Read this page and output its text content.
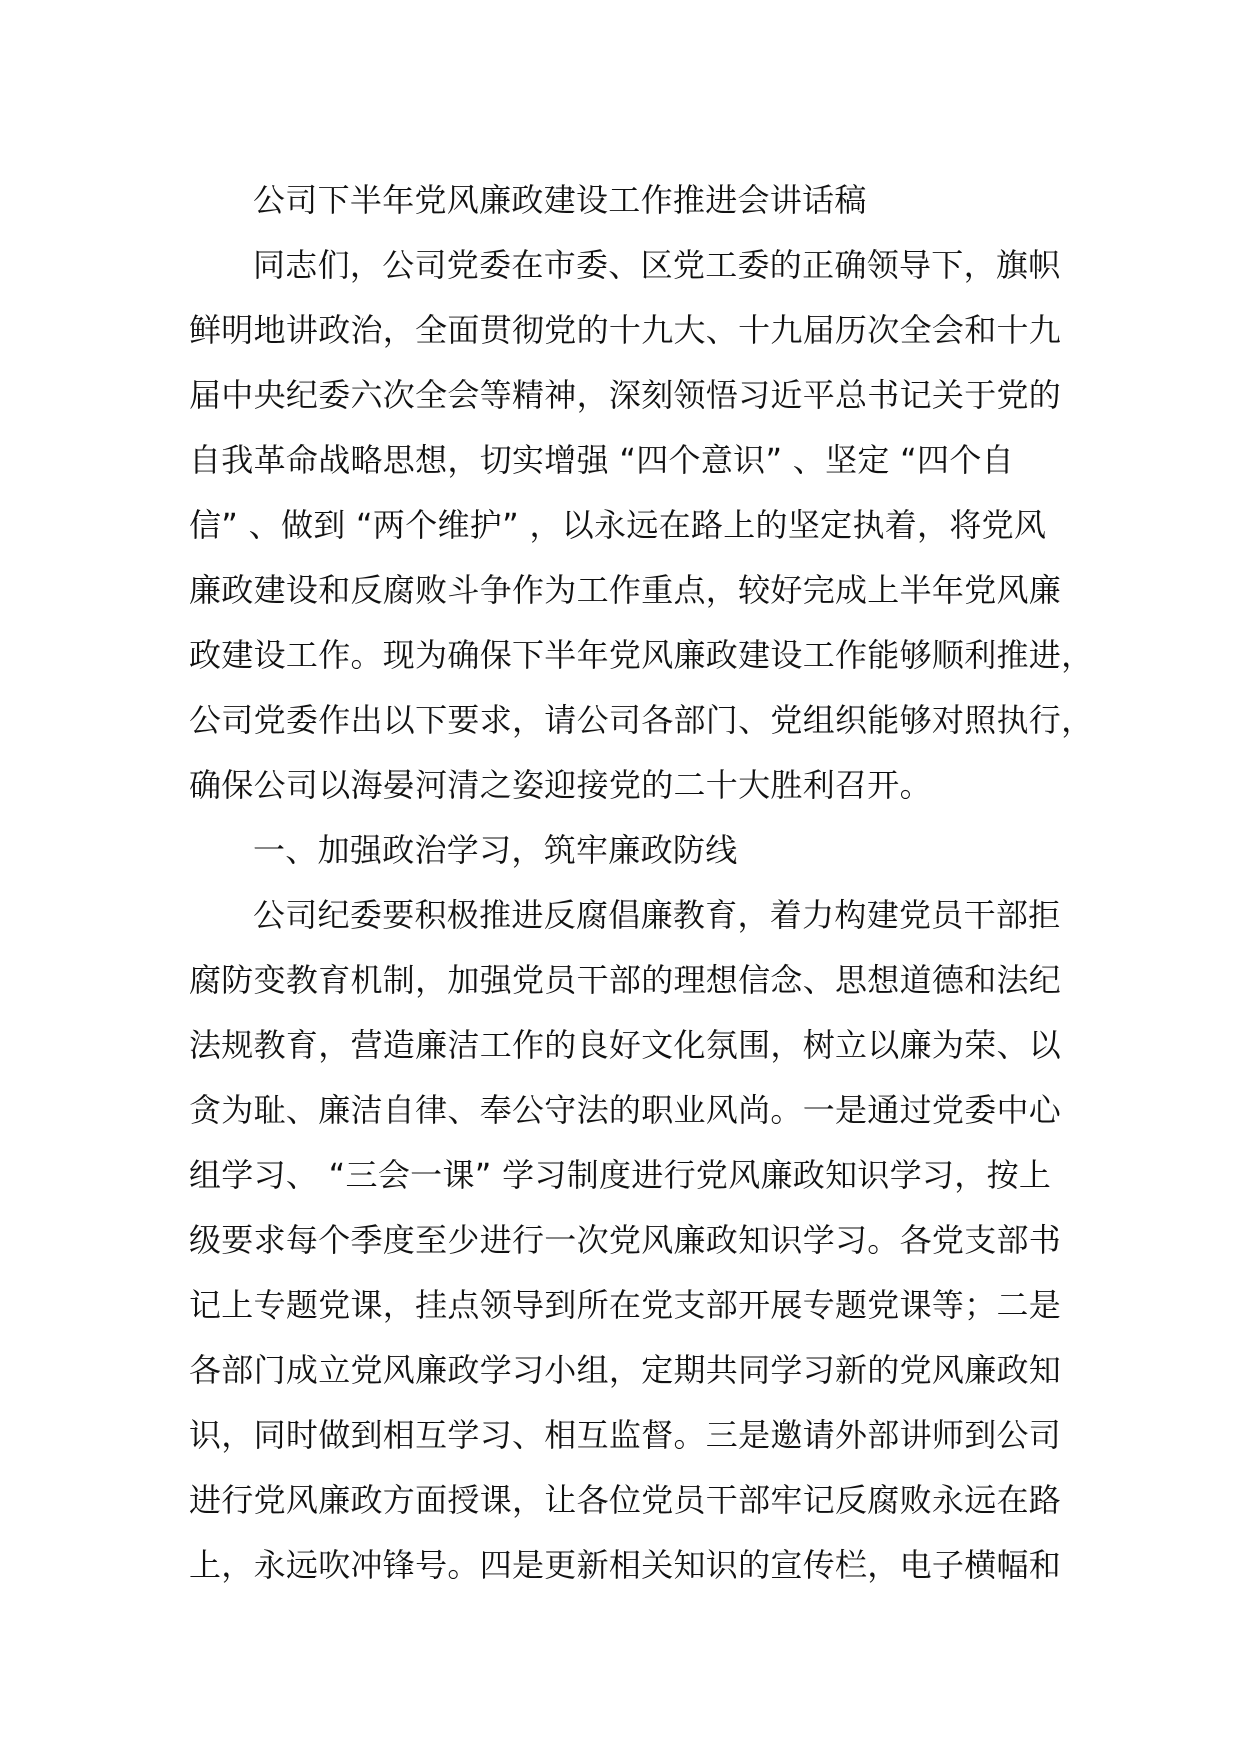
公司下半年党风廉政建设工作推进会讲话稿
同志们，公司党委在市委、区党工委的正确领导下，旗帜
鲜明地讲政治，全面贯彻党的十九大、十九届历次全会和十九
届中央纪委六次全会等精神，深刻领悟习近平总书记关于党的
自我革命战略思想，切实增强 “四个意识” 、坚定 “四个自
信” 、做到 “两个维护” ，以永远在路上的坚定执着，将党风
廉政建设和反腐败斗争作为工作重点，较好完成上半年党风廉
政建设工作。现为确保下半年党风廉政建设工作能够顺利推进，
公司党委作出以下要求，请公司各部门、党组织能够对照执行，
确保公司以海晏河清之姿迎接党的二十大胜利召开。
一、加强政治学习，筑牢廉政防线
公司纪委要积极推进反腐倡廉教育，着力构建党员干部拒
腐防变教育机制，加强党员干部的理想信念、思想道德和法纪
法规教育，营造廉洁工作的良好文化氛围，树立以廉为荣、以
贪为耻、廉洁自律、奉公守法的职业风尚。一是通过党委中心
组学习、 “三会一课” 学习制度进行党风廉政知识学习，按上
级要求每个季度至少进行一次党风廉政知识学习。各党支部书
记上专题党课，挂点领导到所在党支部开展专题党课等；二是
各部门成立党风廉政学习小组，定期共同学习新的党风廉政知
识，同时做到相互学习、相互监督。三是邀请外部讲师到公司
进行党风廉政方面授课，让各位党员干部牢记反腐败永远在路
上，永远吹冲锋号。四是更新相关知识的宣传栏，电子横幅和
